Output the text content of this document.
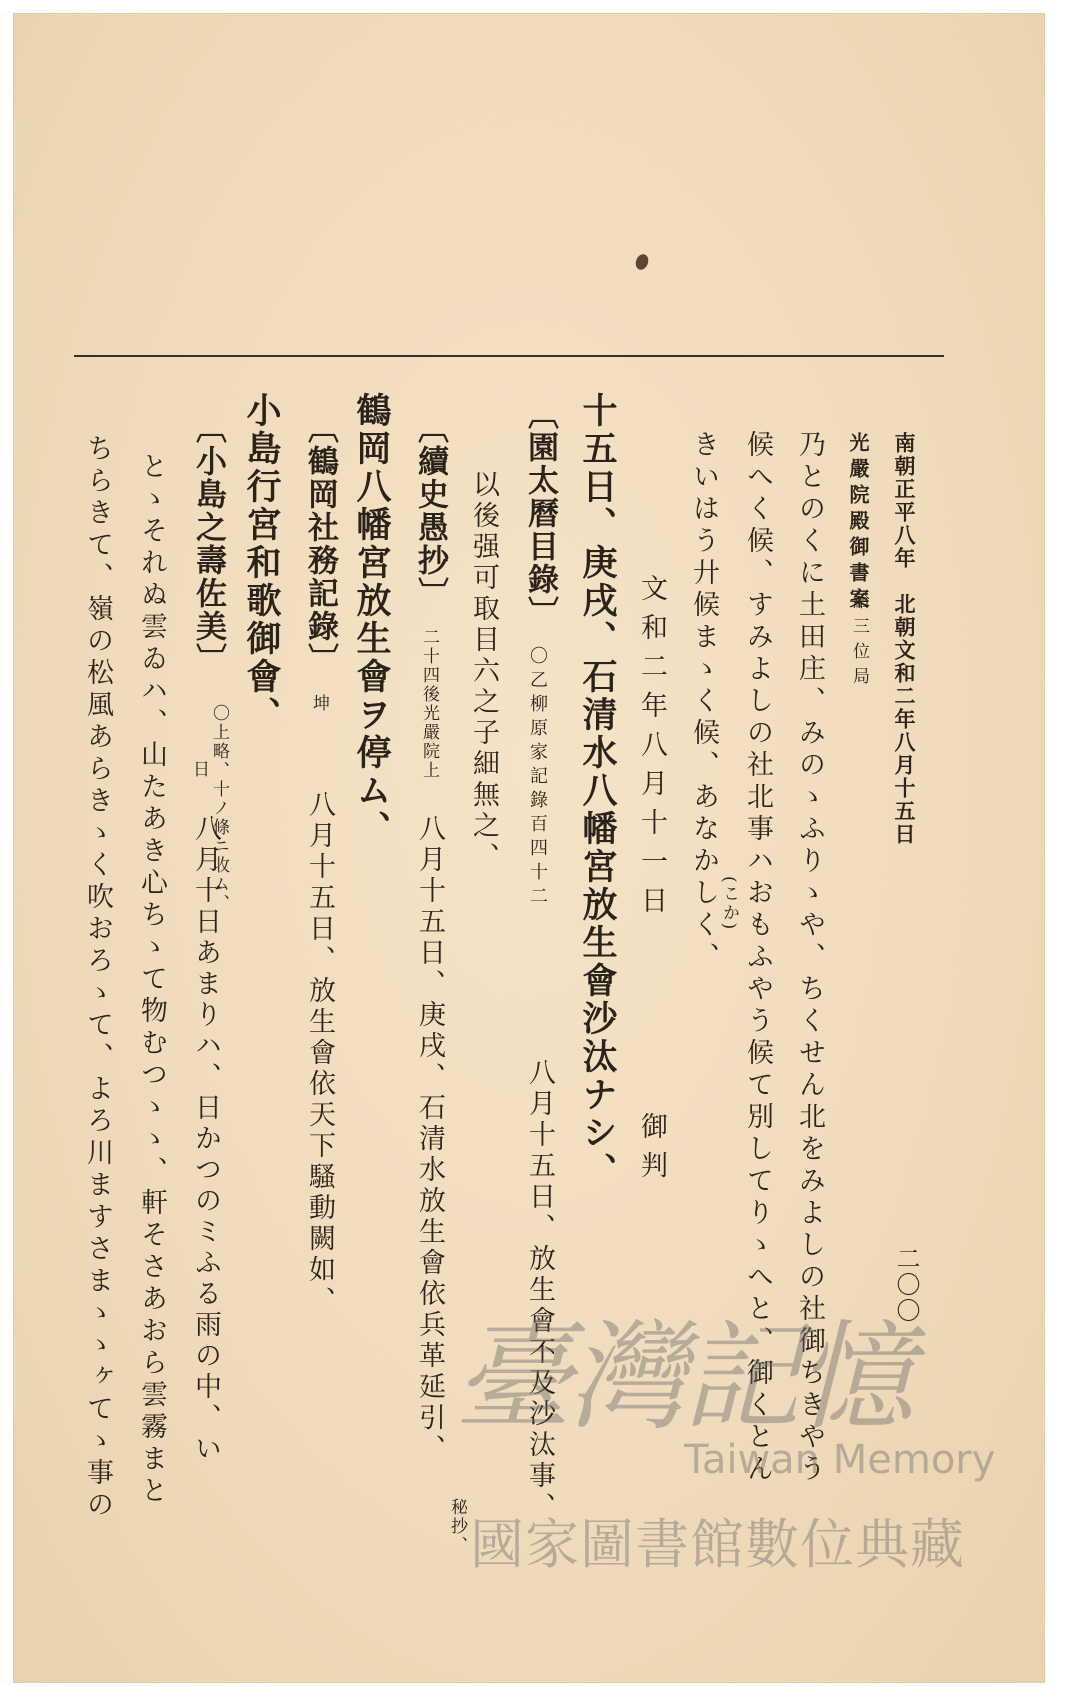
南朝正平八年　北朝文和二年八月十五日
二〇〇
光嚴院殿御書案
給三位局
乃とのくに土田庄、みのゝふりゝや、ちくせん北をみよしの社御ちきやう
候へく候、すみよしの社北事ハおもふやう候て別してりゝへと、御くとん
きいはう廾候まゝく候、あなかしく、 (こか)
文和二年八月十一日
御判
十五日、庚戌、石清水八幡宮放生會沙汰ナシ、
〔園太曆目錄〕
〇乙柳原家記錄百四十二
八月十五日、放生會不及沙汰事、
以後强可取目六之子細無之、
〔續史愚抄〕
二十四後光嚴院上
八月十五日、庚戌、石清水放生會依兵革延引、
秘抄、
鶴岡八幡宮放生會ヲ停ム、
〔鶴岡社務記錄〕
坤
八月十五日、放生會依天下騷動闕如、
小島行宮和歌御會、
〔小島之壽佐美〕
〇上略、十ノ條ニ收ム、
日
八月十日あまりハ、日かつのミふる雨の中、い
とゝそれぬ雲ゐハ、山たあき心ちゝて物むつゝゝ、軒そさあおら雲霧まと
ちらきて、嶺の松風あらきゝく吹おろゝて、よろ川ますさまゝゝヶてゝ事の	臺灣記憶
Taiwan Memory
國家圖書館數位典藏
